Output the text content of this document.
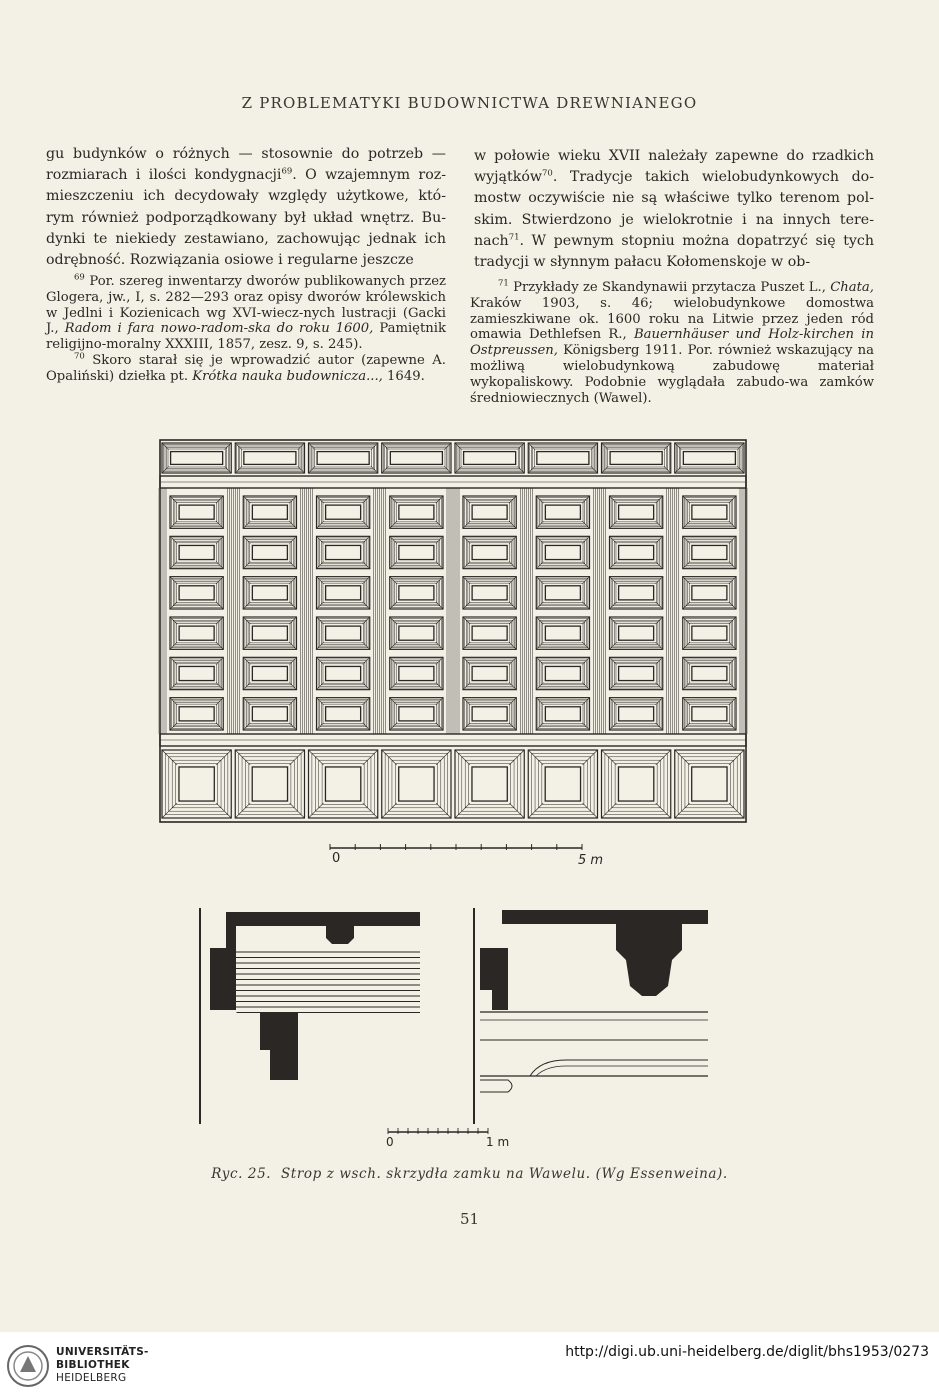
Z PROBLEMATYKI BUDOWNICTWA DREWNIANEGO

gu budynków o różnych — stosownie do potrzeb — rozmiarach i ilości kondygnacji$^{69}$. O wzajemnym roz-mieszczeniu ich decydowały względy użytkowe, któ-rym również podporządkowany był układ wnętrz. Bu-dynki te niekiedy zestawiano, zachowując jednak ich odrębność. Rozwiązania osiowe i regularne jeszcze

w połowie wieku XVII należały zapewne do rzadkich wyjątków$^{70}$. Tradycje takich wielobudynkowych do-mostw oczywiście nie są właściwe tylko terenom pol-skim. Stwierdzono je wielokrotnie i na innych tere-nach$^{71}$. W pewnym stopniu można dopatrzyć się tych tradycji w słynnym pałacu Kołomenskoje w ob-

$^{69}$ Por. szereg inwentarzy dworów publikowanych przez Glogera, jw., I, s. 282—293 oraz opisy dworów królewskich w Jedlni i Kozienicach wg XVI-wiecz-nych lustracji (Gacki J., Radom i fara nowo-radom-ska do roku 1600, Pamiętnik religijno-moralny XXXIII, 1857, zesz. 9, s. 245).

$^{70}$ Skoro starał się je wprowadzić autor (zapewne A. Opaliński) dziełka pt. Krótka nauka budownicza..., 1649.

$^{71}$ Przykłady ze Skandynawii przytacza Puszet L., Chata, Kraków 1903, s. 46; wielobudynkowe domostwa zamieszkiwane ok. 1600 roku na Litwie przez jeden ród omawia Dethlefsen R., Bauernhäuser und Holz-kirchen in Ostpreussen, Königsberg 1911. Por. również wskazujący na możliwą wielobudynkową zabudowę materiał wykopaliskowy. Podobnie wyglądała zabudo-wa zamków średniowiecznych (Wawel).

0	5 m
0	1 m
Ryc. 25. Strop z wsch. skrzydła zamku na Wawelu. (Wg Essenweina).
51
UNIVERSITÄTS-
BIBLIOTHEK
HEIDELBERG
http://digi.ub.uni-heidelberg.de/diglit/bhs1953/0273
